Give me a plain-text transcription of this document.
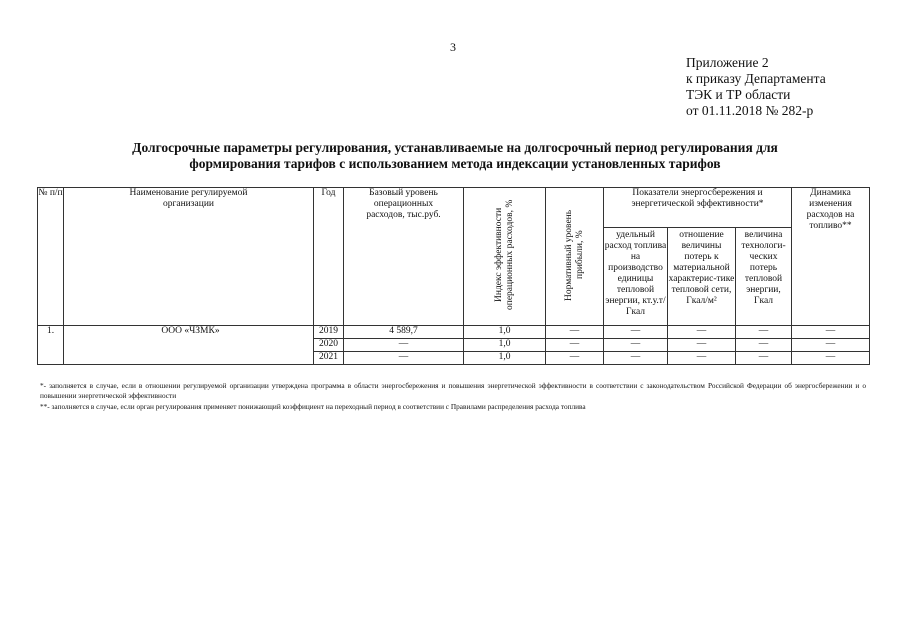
3
Приложение 2
к приказу Департамента
ТЭК и ТР области
от 01.11.2018 № 282-р
Долгосрочные параметры регулирования, устанавливаемые на долгосрочный период регулирования для
формирования тарифов с использованием метода индексации установленных тарифов
№ п/п	Наименование регулируемой организации	Год	Базовый уровень операционных расходов, тыс.руб.	Индекс эффективности операционных расходов, %	Нормативный уровень прибыли, %	Показатели энергосбережения и энергетической эффективности*			Динамика изменения расходов на топливо**
						удельный расход топлива на производство единицы тепловой энергии, кт.у.т/Гкал	отношение величины потерь к материальной характерис-тике тепловой сети, Гкал/м²	величина технологи-ческих потерь тепловой энергии, Гкал	
1.	ООО «ЧЗМК»	2019	4 589,7	1,0	—	—	—	—	—
		2020	—	1,0	—	—	—	—	—
		2021	—	1,0	—	—	—	—	—

*- заполняется в случае, если в отношении регулируемой организации утверждена программа в области энергосбережения и повышения энергетической эффективности в соответствии с законодательством Российской Федерации об энергосбережении и о повышении энергетической эффективности

**- заполняется в случае, если орган регулирования применяет понижающий коэффициент на переходный период в соответствии с Правилами распределения расхода топлива
